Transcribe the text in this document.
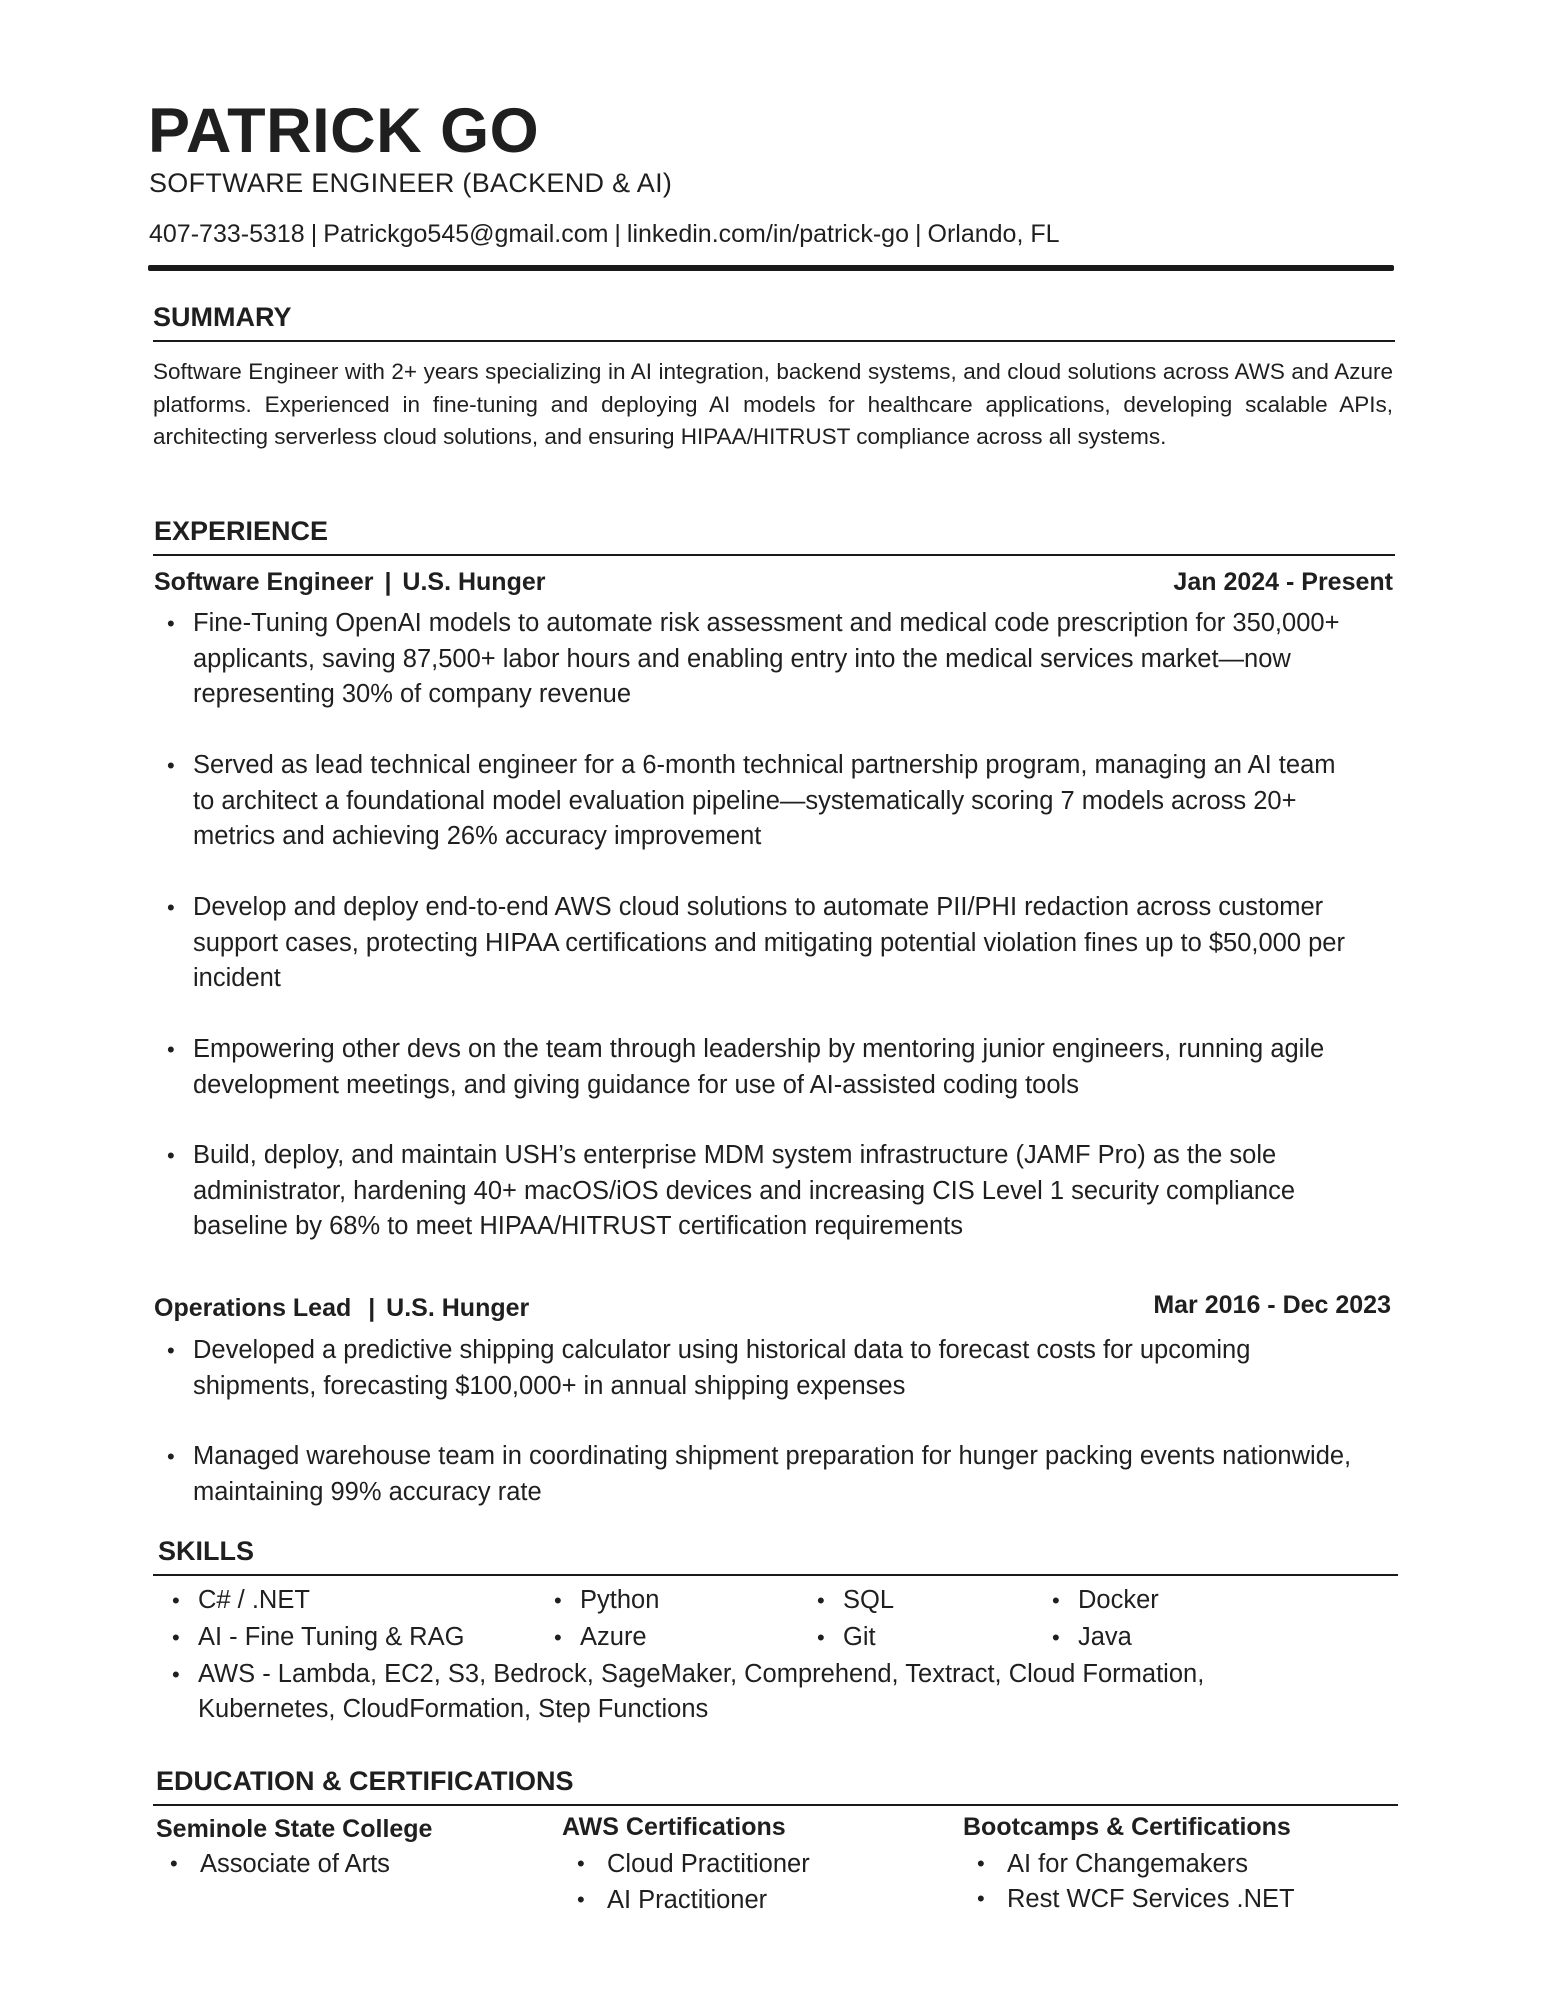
PATRICK GO
SOFTWARE ENGINEER (BACKEND & AI)
407-733-5318 | Patrickgo545@gmail.com | linkedin.com/in/patrick-go | Orlando, FL
SUMMARY

Software Engineer with 2+ years specializing in AI integration, backend systems, and cloud solutions across AWS and Azure platforms. Experienced in fine-tuning and deploying AI models for healthcare applications, developing scalable APIs, architecting serverless cloud solutions, and ensuring HIPAA/HITRUST compliance across all systems.

EXPERIENCE
Software Engineer | U.S. Hunger	Jan 2024 - Present
• Fine-Tuning OpenAI models to automate risk assessment and medical code prescription for 350,000+ applicants, saving 87,500+ labor hours and enabling entry into the medical services market—now representing 30% of company revenue
• Served as lead technical engineer for a 6-month technical partnership program, managing an AI team to architect a foundational model evaluation pipeline—systematically scoring 7 models across 20+ metrics and achieving 26% accuracy improvement
• Develop and deploy end-to-end AWS cloud solutions to automate PII/PHI redaction across customer support cases, protecting HIPAA certifications and mitigating potential violation fines up to $50,000 per incident
• Empowering other devs on the team through leadership by mentoring junior engineers, running agile development meetings, and giving guidance for use of AI-assisted coding tools
• Build, deploy, and maintain USH’s enterprise MDM system infrastructure (JAMF Pro) as the sole administrator, hardening 40+ macOS/iOS devices and increasing CIS Level 1 security compliance baseline by 68% to meet HIPAA/HITRUST certification requirements
Operations Lead | U.S. Hunger	Mar 2016 - Dec 2023
• Developed a predictive shipping calculator using historical data to forecast costs for upcoming shipments, forecasting $100,000+ in annual shipping expenses
• Managed warehouse team in coordinating shipment preparation for hunger packing events nationwide, maintaining 99% accuracy rate
SKILLS
• C# / .NET	• Python	• SQL	• Docker
• AI - Fine Tuning & RAG	• Azure	• Git	• Java
• AWS - Lambda, EC2, S3, Bedrock, SageMaker, Comprehend, Textract, Cloud Formation, Kubernetes, CloudFormation, Step Functions
EDUCATION & CERTIFICATIONS
Seminole State College
• Associate of Arts
AWS Certifications
• Cloud Practitioner
• AI Practitioner
Bootcamps & Certifications
• AI for Changemakers
• Rest WCF Services .NET
